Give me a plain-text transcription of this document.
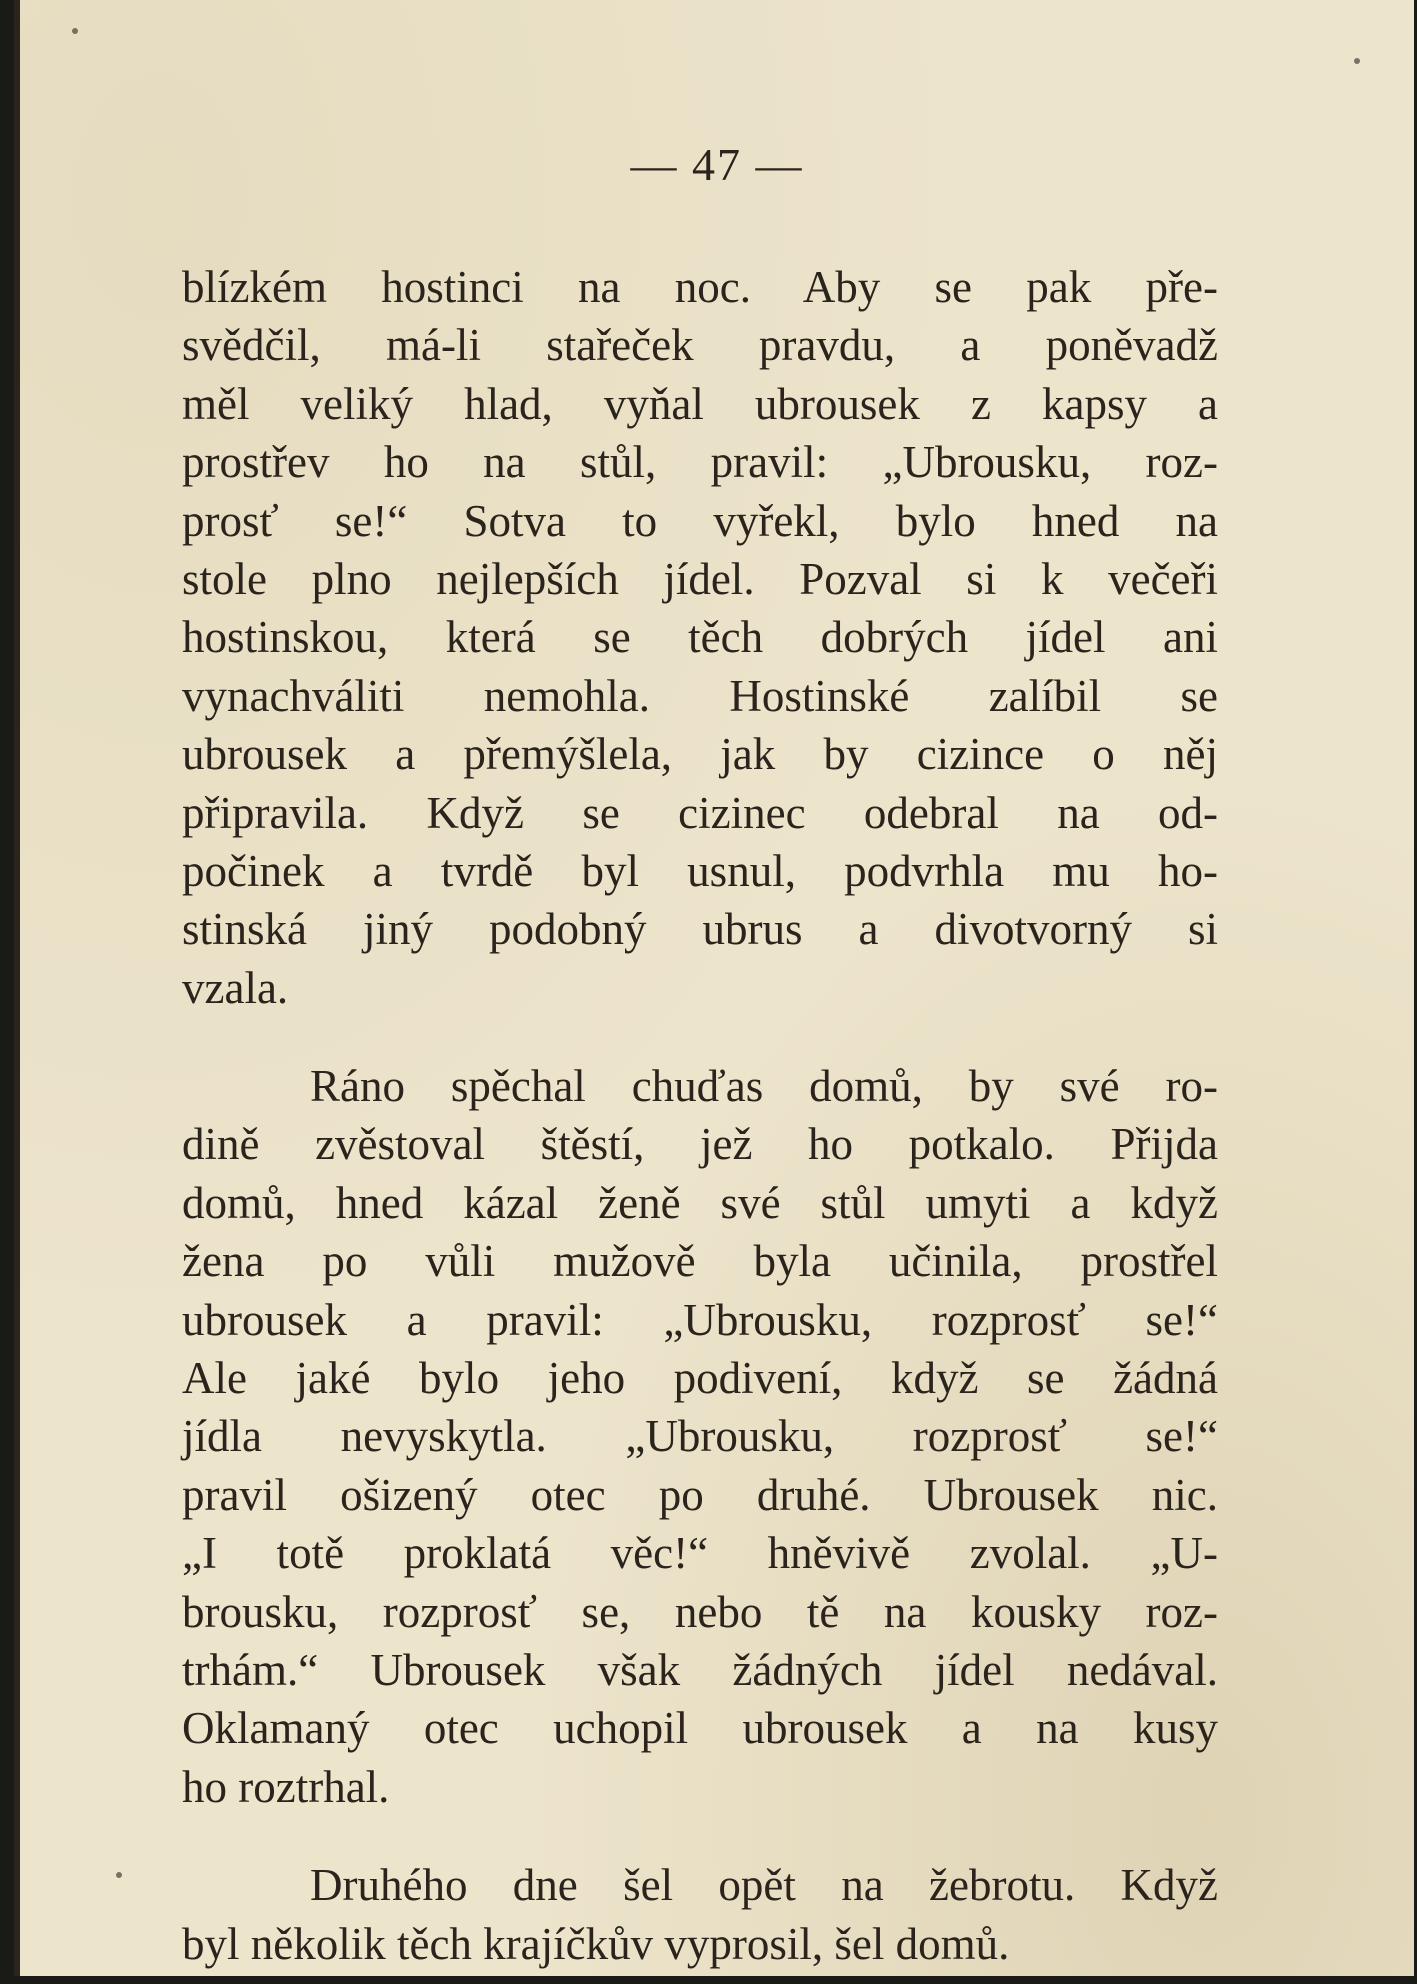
— 47 —
blízkém hostinci na noc. Aby se pak pře-
svědčil, má-li stařeček pravdu, a poněvadž
měl veliký hlad, vyňal ubrousek z kapsy a
prostřev ho na stůl, pravil: „Ubrousku, roz-
prosť se!“ Sotva to vyřekl, bylo hned na
stole plno nejlepších jídel. Pozval si k večeři
hostinskou, která se těch dobrých jídel ani
vynachváliti nemohla. Hostinské zalíbil se
ubrousek a přemýšlela, jak by cizince o něj
připravila. Když se cizinec odebral na od-
počinek a tvrdě byl usnul, podvrhla mu ho-
stinská jiný podobný ubrus a divotvorný si
vzala.
Ráno spěchal chuďas domů, by své ro-
dině zvěstoval štěstí, jež ho potkalo. Přijda
domů, hned kázal ženě své stůl umyti a když
žena po vůli mužově byla učinila, prostřel
ubrousek a pravil: „Ubrousku, rozprosť se!“
Ale jaké bylo jeho podivení, když se žádná
jídla nevyskytla. „Ubrousku, rozprosť se!“
pravil ošizený otec po druhé. Ubrousek nic.
„I totě proklatá věc!“ hněvivě zvolal. „U-
brousku, rozprosť se, nebo tě na kousky roz-
trhám.“ Ubrousek však žádných jídel nedával.
Oklamaný otec uchopil ubrousek a na kusy
ho roztrhal.
Druhého dne šel opět na žebrotu. Když
byl několik těch krajíčkův vyprosil, šel domů.
